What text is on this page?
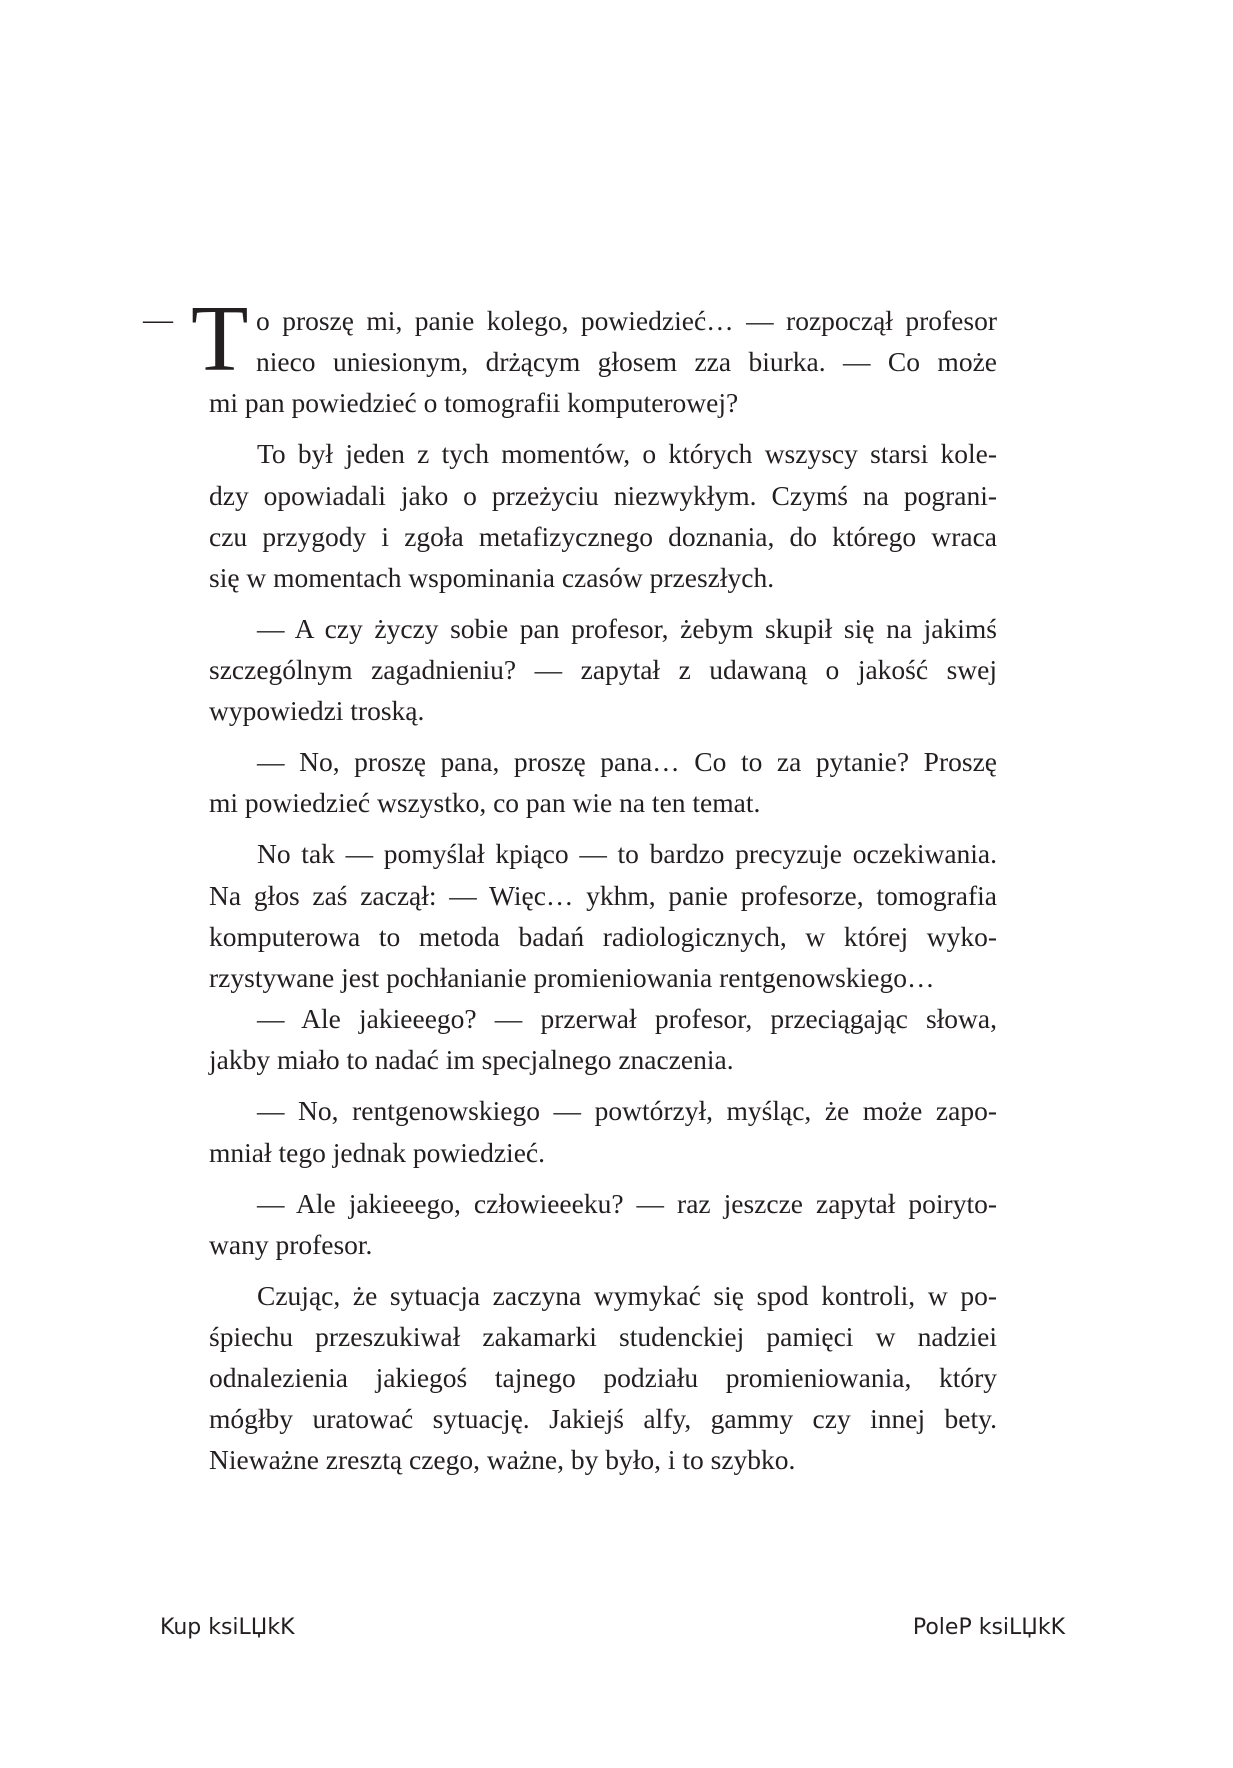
— T o proszę mi, panie kolego, powiedzieć… — rozpoczął profesor
nieco uniesionym, drżącym głosem zza biurka. — Co może
mi pan powiedzieć o tomografii komputerowej?
To był jeden z tych momentów, o których wszyscy starsi kole-
dzy opowiadali jako o przeżyciu niezwykłym. Czymś na pograni-
czu przygody i zgoła metafizycznego doznania, do którego wraca
się w momentach wspominania czasów przeszłych.
— A czy życzy sobie pan profesor, żebym skupił się na jakimś
szczególnym zagadnieniu? — zapytał z udawaną o jakość swej
wypowiedzi troską.
— No, proszę pana, proszę pana… Co to za pytanie? Proszę
mi powiedzieć wszystko, co pan wie na ten temat.
No tak — pomyślał kpiąco — to bardzo precyzuje oczekiwania.
Na głos zaś zaczął: — Więc… ykhm, panie profesorze, tomografia
komputerowa to metoda badań radiologicznych, w której wyko-
rzystywane jest pochłanianie promieniowania rentgenowskiego…
— Ale jakieeego? — przerwał profesor, przeciągając słowa,
jakby miało to nadać im specjalnego znaczenia.
— No, rentgenowskiego — powtórzył, myśląc, że może zapo-
mniał tego jednak powiedzieć.
— Ale jakieeego, człowieeeku? — raz jeszcze zapytał poiryto-
wany profesor.
Czując, że sytuacja zaczyna wymykać się spod kontroli, w po-
śpiechu przeszukiwał zakamarki studenckiej pamięci w nadziei
odnalezienia jakiegoś tajnego podziału promieniowania, który
mógłby uratować sytuację. Jakiejś alfy, gammy czy innej bety.
Nieważne zresztą czego, ważne, by było, i to szybko.
Kup ksiLЏkK	PoleP ksiLЏkK
